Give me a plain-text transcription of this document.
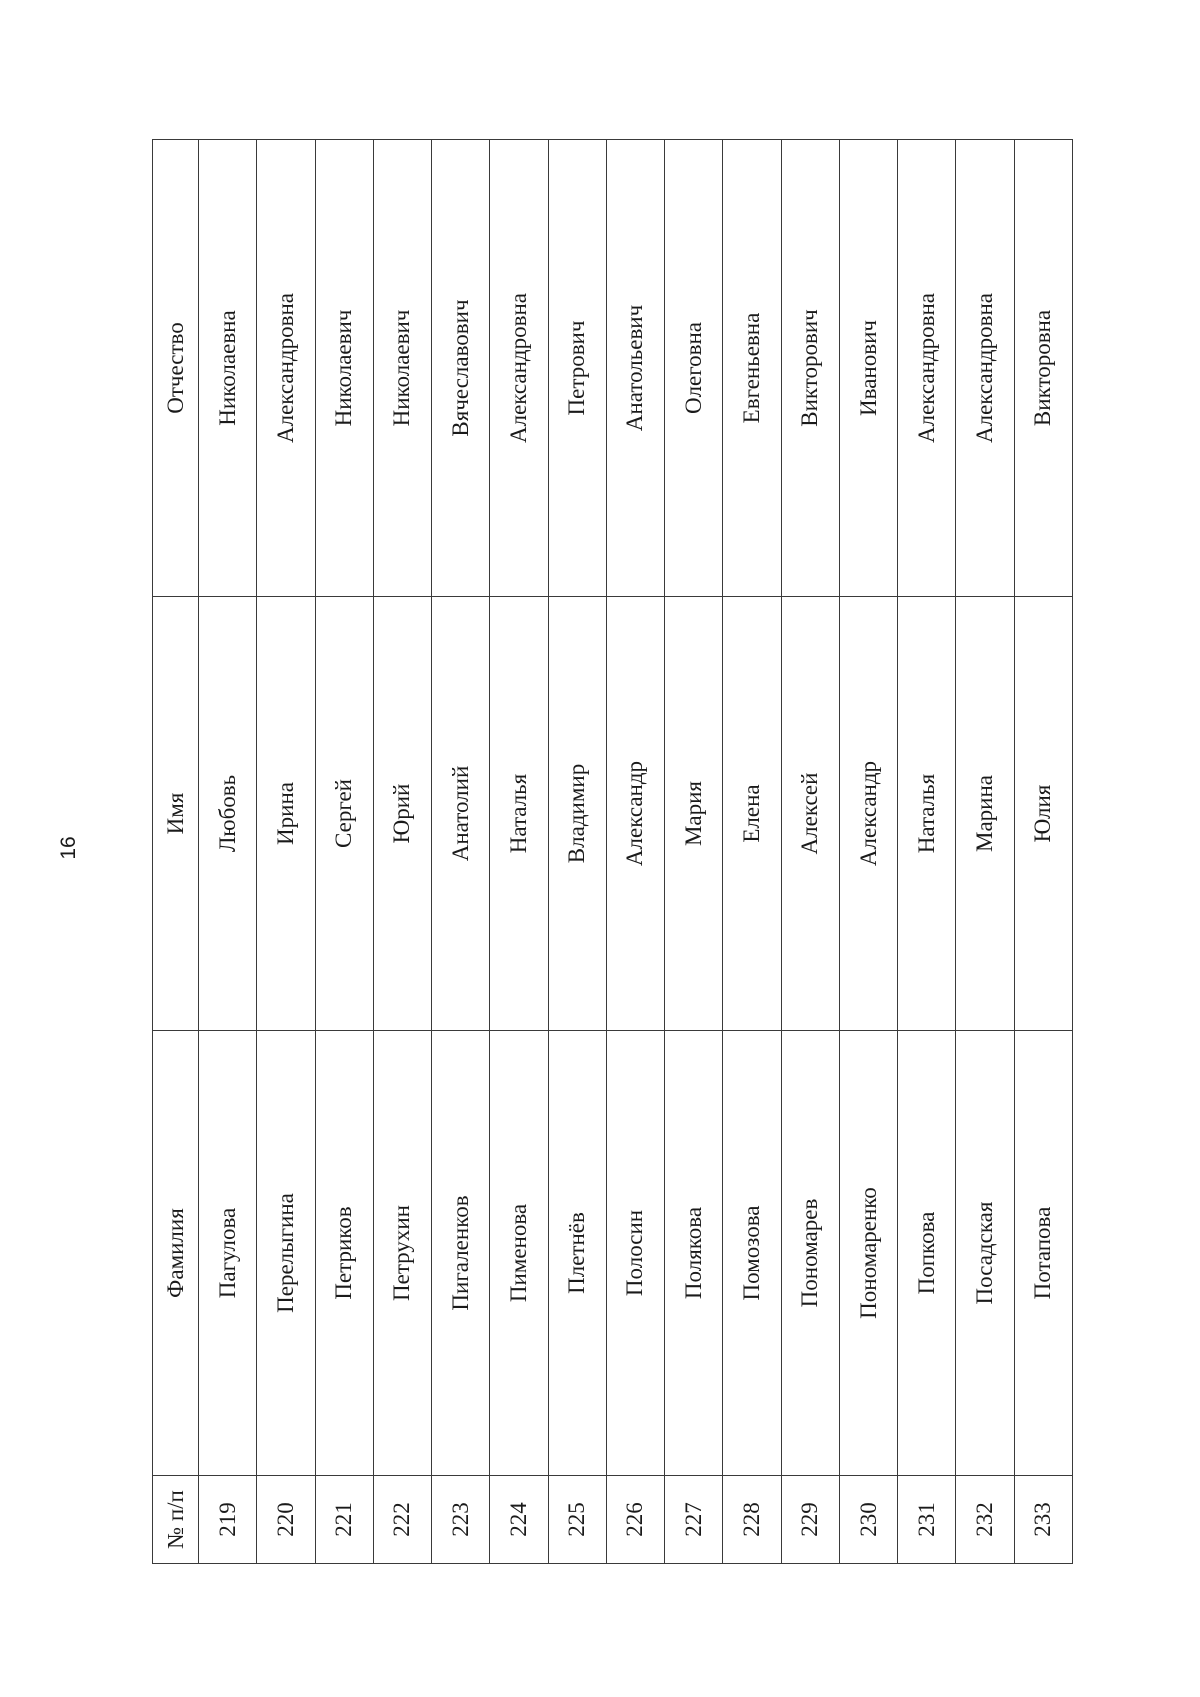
16
№ п/п	Фамилия	Имя	Отчество
219	Пагулова	Любовь	Николаевна
220	Перелыгина	Ирина	Александровна
221	Петриков	Сергей	Николаевич
222	Петрухин	Юрий	Николаевич
223	Пигаленков	Анатолий	Вячеславович
224	Пименова	Наталья	Александровна
225	Плетнёв	Владимир	Петрович
226	Полосин	Александр	Анатольевич
227	Полякова	Мария	Олеговна
228	Помозова	Елена	Евгеньевна
229	Пономарев	Алексей	Викторович
230	Пономаренко	Александр	Иванович
231	Попкова	Наталья	Александровна
232	Посадская	Марина	Александровна
233	Потапова	Юлия	Викторовна
